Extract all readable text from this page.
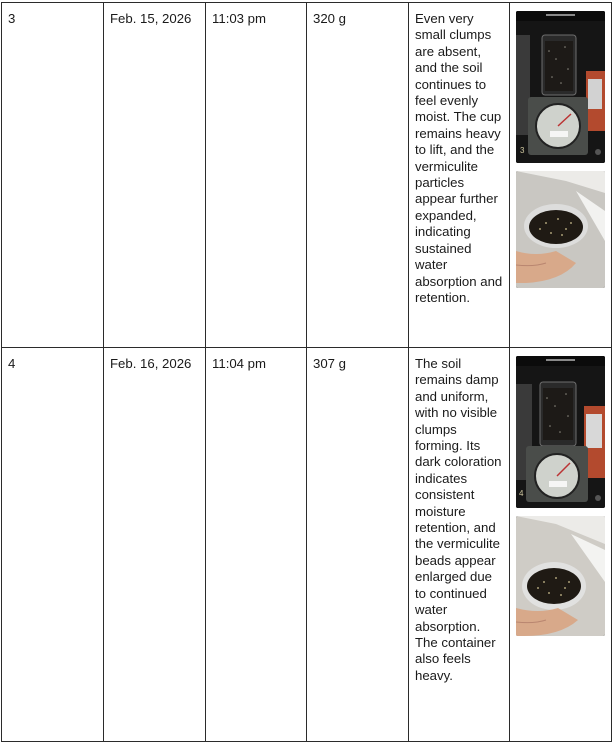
3	Feb. 15, 2026	11:03 pm	320 g	Even very small clumps are absent, and the soil continues to feel evenly moist. The cup remains heavy to lift, and the vermiculite particles appear further expanded, indicating sustained water absorption and retention.	3

4	Feb. 16, 2026	11:04 pm	307 g	The soil remains damp and uniform, with no visible clumps forming. Its dark coloration indicates consistent moisture retention, and the vermiculite beads appear enlarged due to continued water absorption. The container also feels heavy.	4
